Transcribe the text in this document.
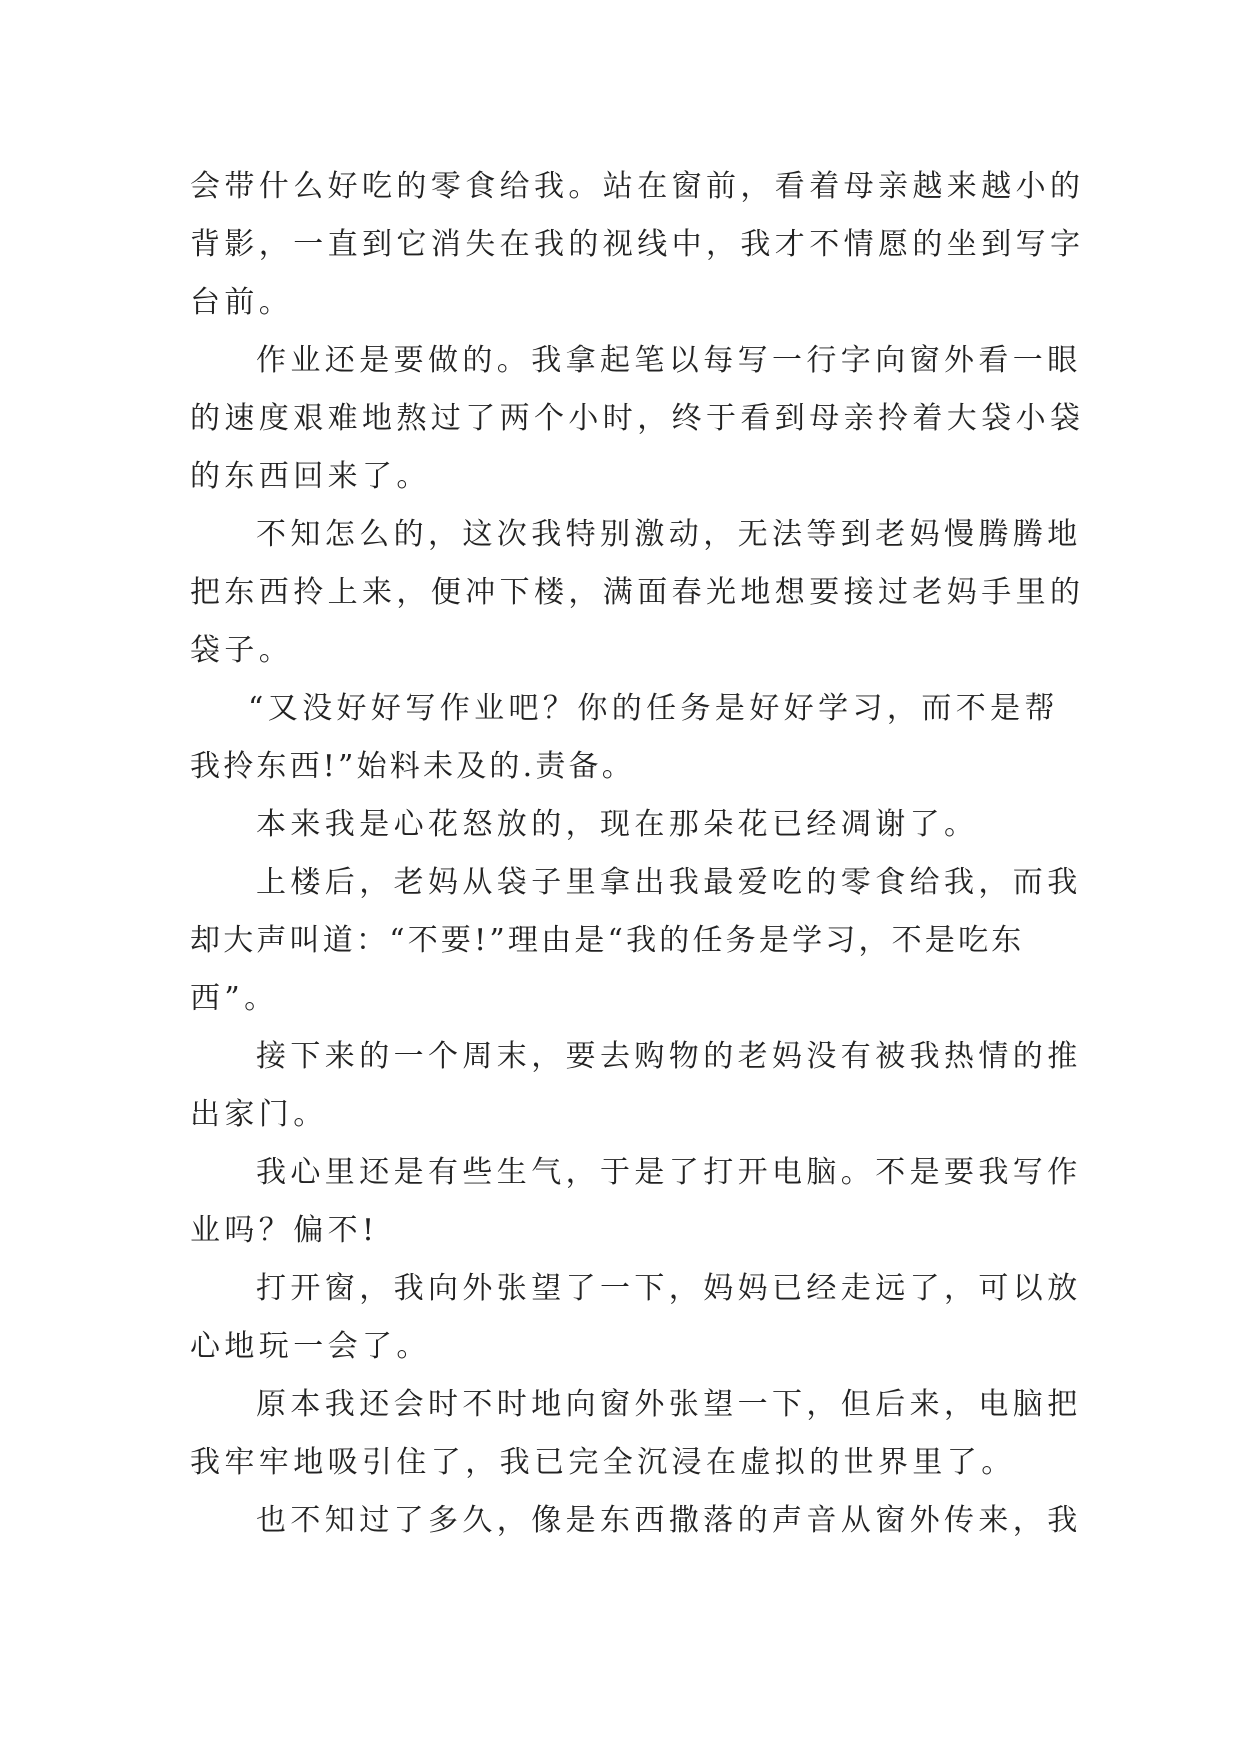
会带什么好吃的零食给我。站在窗前，看着母亲越来越小的
背影，一直到它消失在我的视线中，我才不情愿的坐到写字
台前。
作业还是要做的。我拿起笔以每写一行字向窗外看一眼
的速度艰难地熬过了两个小时，终于看到母亲拎着大袋小袋
的东西回来了。
不知怎么的，这次我特别激动，无法等到老妈慢腾腾地
把东西拎上来，便冲下楼，满面春光地想要接过老妈手里的
袋子。
“又没好好写作业吧？你的任务是好好学习，而不是帮
我拎东西!”始料未及的.责备。
本来我是心花怒放的，现在那朵花已经凋谢了。
上楼后，老妈从袋子里拿出我最爱吃的零食给我，而我
却大声叫道：“不要!”理由是“我的任务是学习，不是吃东
西”。
接下来的一个周末，要去购物的老妈没有被我热情的推
出家门。
我心里还是有些生气，于是了打开电脑。不是要我写作
业吗？偏不!
打开窗，我向外张望了一下，妈妈已经走远了，可以放
心地玩一会了。
原本我还会时不时地向窗外张望一下，但后来，电脑把
我牢牢地吸引住了，我已完全沉浸在虚拟的世界里了。
也不知过了多久，像是东西撒落的声音从窗外传来，我
